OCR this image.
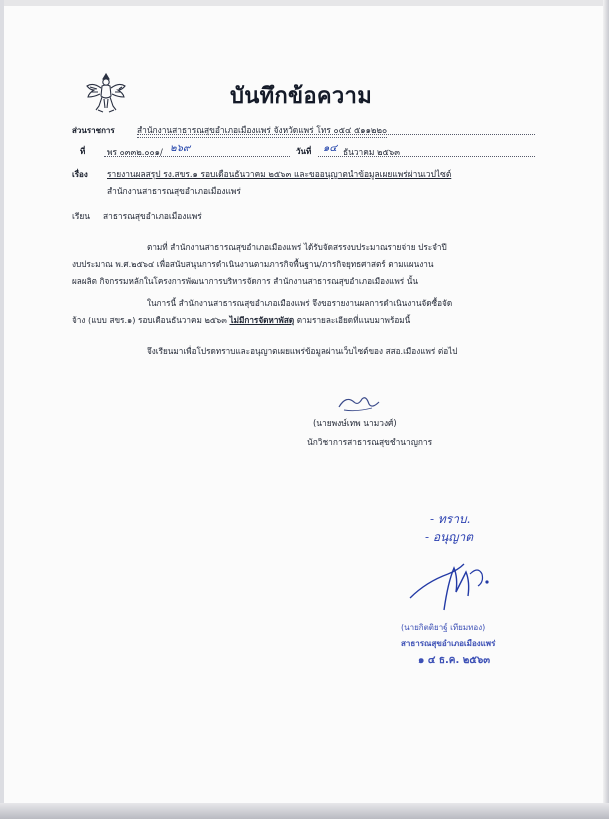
บันทึกข้อความ
ส่วนราชการ	สำนักงานสาธารณสุขอำเภอเมืองแพร่ จังหวัดแพร่ โทร ๐๕๔ ๕๑๑๒๒๐
ที่	พร ๐๓๓๒.๐๐๑/ ๒๖๙	วันที่ ๑๔ ธันวาคม ๒๕๖๓
เรื่อง รายงานผลสรุป รง.สขร.๑ รอบเดือนธันวาคม ๒๕๖๓ และขออนุญาตนำข้อมูลเผยแพร่ผ่านเวปไซต์
สำนักงานสาธารณสุขอำเภอเมืองแพร่
เรียน สาธารณสุขอำเภอเมืองแพร่
ตามที่ สำนักงานสาธารณสุขอำเภอเมืองแพร่ ได้รับจัดสรรงบประมาณรายจ่าย ประจำปี
งบประมาณ พ.ศ.๒๕๖๔ เพื่อสนับสนุนการดำเนินงานตามภารกิจพื้นฐาน/ภารกิจยุทธศาสตร์ ตามแผนงาน
ผลผลิต กิจกรรมหลักในโครงการพัฒนาการบริหารจัดการ สำนักงานสาธารณสุขอำเภอเมืองแพร่ นั้น
ในการนี้ สำนักงานสาธารณสุขอำเภอเมืองแพร่ จึงขอรายงานผลการดำเนินงานจัดซื้อจัด
จ้าง (แบบ สขร.๑) รอบเดือนธันวาคม ๒๕๖๓ ไม่มีการจัดหาพัสดุ ตามรายละเอียดที่แนบมาพร้อมนี้
จึงเรียนมาเพื่อโปรดทราบและอนุญาตเผยแพร่ข้อมูลผ่านเว็บไซต์ของ สสอ.เมืองแพร่ ต่อไป
(นายพงษ์เทพ นามวงศ์)
นักวิชาการสาธารณสุขชำนาญการ
- ทราบ.
- อนุญาต
(นายกิตติยาฐ์ เทียมทอง)
สาธารณสุขอำเภอเมืองแพร่
๑ ๔ ธ.ค. ๒๕๖๓
